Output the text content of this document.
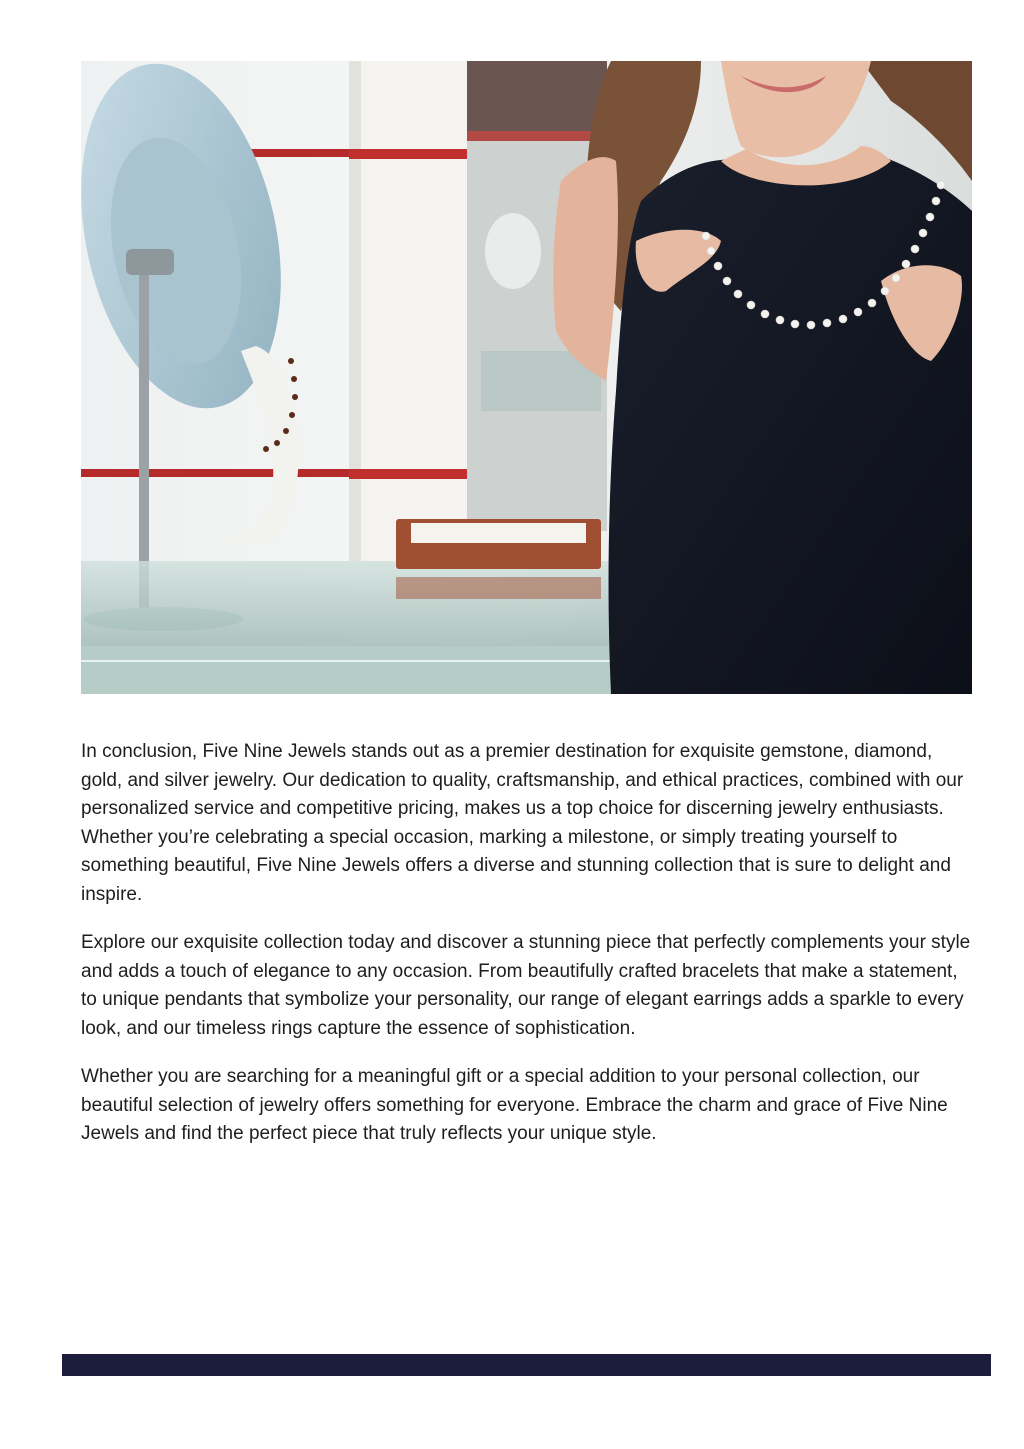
In conclusion, Five Nine Jewels stands out as a premier destination for exquisite gemstone, diamond, gold, and silver jewelry. Our dedication to quality, craftsmanship, and ethical practices, combined with our personalized service and competitive pricing, makes us a top choice for discerning jewelry enthusiasts. Whether you’re celebrating a special occasion, marking a milestone, or simply treating yourself to something beautiful, Five Nine Jewels offers a diverse and stunning collection that is sure to delight and inspire.

Explore our exquisite collection today and discover a stunning piece that perfectly complements your style and adds a touch of elegance to any occasion. From beautifully crafted bracelets that make a statement, to unique pendants that symbolize your personality, our range of elegant earrings adds a sparkle to every look, and our timeless rings capture the essence of sophistication.

Whether you are searching for a meaningful gift or a special addition to your personal collection, our beautiful selection of jewelry offers something for everyone. Embrace the charm and grace of Five Nine Jewels and find the perfect piece that truly reflects your unique style.
